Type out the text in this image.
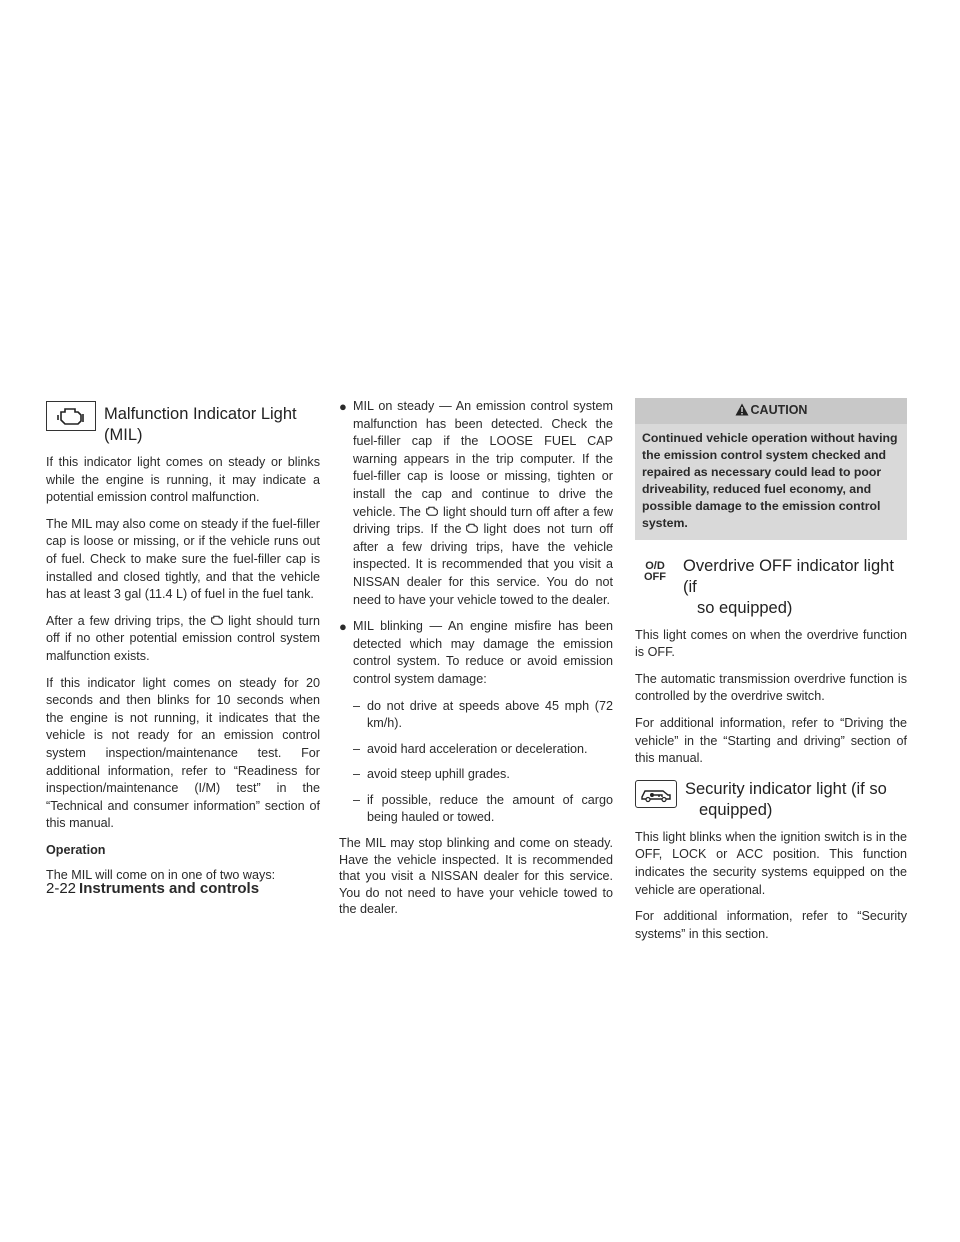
Malfunction Indicator Light
(MIL)

If this indicator light comes on steady or blinks while the engine is running, it may indicate a potential emission control malfunction.

The MIL may also come on steady if the fuel-filler cap is loose or missing, or if the vehicle runs out of fuel. Check to make sure the fuel-filler cap is installed and closed tightly, and that the vehicle has at least 3 gal (11.4 L) of fuel in the fuel tank.

After a few driving trips, the light should turn off if no other potential emission control system malfunction exists.

If this indicator light comes on steady for 20 seconds and then blinks for 10 seconds when the engine is not running, it indicates that the vehicle is not ready for an emission control system inspection/maintenance test. For additional information, refer to “Readiness for inspection/maintenance (I/M) test” in the “Technical and consumer information” section of this manual.

Operation

The MIL will come on in one of two ways:

● MIL on steady — An emission control system malfunction has been detected. Check the fuel-filler cap if the LOOSE FUEL CAP warning appears in the trip computer. If the fuel-filler cap is loose or missing, tighten or install the cap and continue to drive the vehicle. The light should turn off after a few driving trips. If the light does not turn off after a few driving trips, have the vehicle inspected. It is recommended that you visit a NISSAN dealer for this service. You do not need to have your vehicle towed to the dealer.
● MIL blinking — An engine misfire has been detected which may damage the emission control system. To reduce or avoid emission control system damage:
– do not drive at speeds above 45 mph (72 km/h).
– avoid hard acceleration or deceleration.
– avoid steep uphill grades.
– if possible, reduce the amount of cargo being hauled or towed.

The MIL may stop blinking and come on steady. Have the vehicle inspected. It is recommended that you visit a NISSAN dealer for this service. You do not need to have your vehicle towed to the dealer.

CAUTION
Continued vehicle operation without having the emission control system checked and repaired as necessary could lead to poor driveability, reduced fuel economy, and possible damage to the emission control system.
O/D
OFF
Overdrive OFF indicator light (if
so equipped)

This light comes on when the overdrive function is OFF.

The automatic transmission overdrive function is controlled by the overdrive switch.

For additional information, refer to “Driving the vehicle” in the “Starting and driving” section of this manual.

Security indicator light (if so
equipped)

This light blinks when the ignition switch is in the OFF, LOCK or ACC position. This function indicates the security systems equipped on the vehicle are operational.

For additional information, refer to “Security systems” in this section.

2-22 Instruments and controls
